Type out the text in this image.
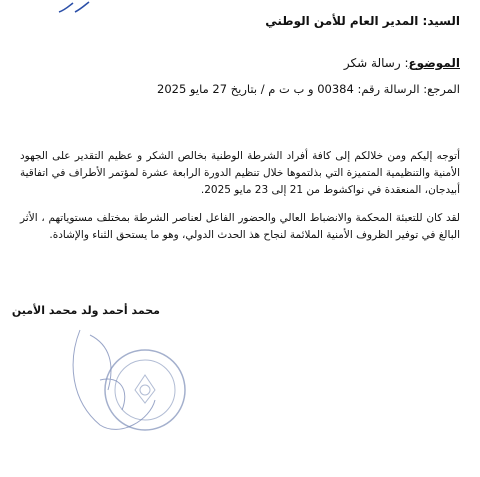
السيد: المدير العام للأمن الوطني
الموضوع: رسالة شكر
المرجع: الرسالة رقم: 00384 و ب ت م / بتاريخ 27 مايو 2025
أتوجه إليكم ومن خلالكم إلى كافة أفراد الشرطة الوطنية بخالص الشكر و عظيم التقدير على الجهود الأمنية والتنظيمية المتميزة التي بذلتموها خلال تنظيم الدورة الرابعة عشرة لمؤتمر الأطراف في اتفاقية أبيدجان، المنعقدة في نواكشوط من 21 إلى 23 مايو 2025.
لقد كان للتعبئة المحكمة والانضباط العالي والحضور الفاعل لعناصر الشرطة بمختلف مستوياتهم ، الأثر البالغ في توفير الظروف الأمنية الملائمة لنجاح هذ الحدث الدولي، وهو ما يستحق الثناء والإشادة.
محمد أحمد ولد محمد الأمين
